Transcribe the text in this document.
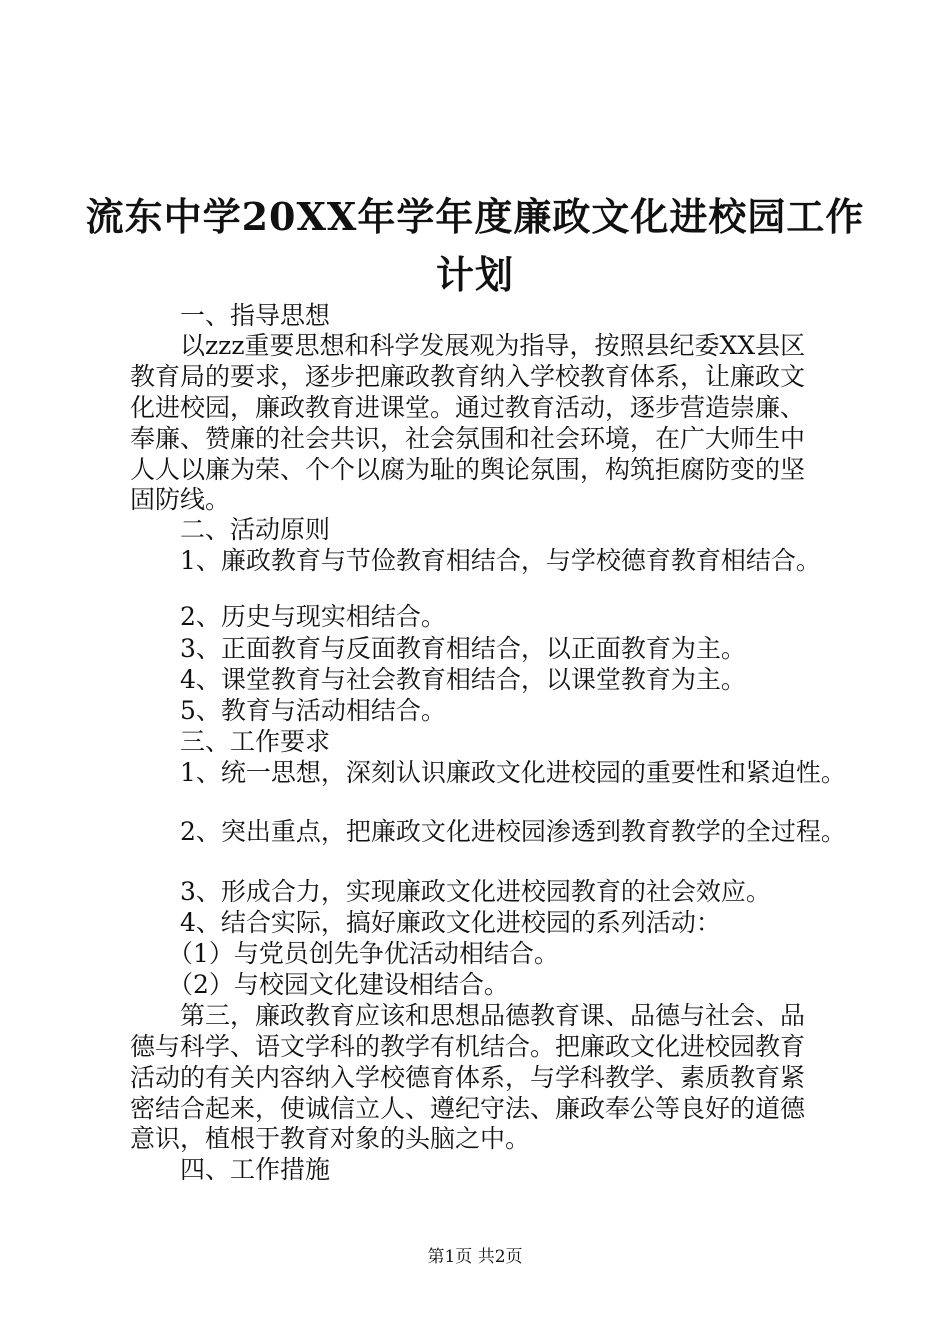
流东中学20XX年学年度廉政文化进校园工作
计划
一、指导思想
以zzz重要思想和科学发展观为指导，按照县纪委XX县区
教育局的要求，逐步把廉政教育纳入学校教育体系，让廉政文
化进校园，廉政教育进课堂。通过教育活动，逐步营造崇廉、
奉廉、赞廉的社会共识，社会氛围和社会环境，在广大师生中
人人以廉为荣、个个以腐为耻的舆论氛围，构筑拒腐防变的坚
固防线。
二、活动原则
1、廉政教育与节俭教育相结合，与学校德育教育相结合。
2、历史与现实相结合。
3、正面教育与反面教育相结合，以正面教育为主。
4、课堂教育与社会教育相结合，以课堂教育为主。
5、教育与活动相结合。
三、工作要求
1、统一思想，深刻认识廉政文化进校园的重要性和紧迫性。
2、突出重点，把廉政文化进校园渗透到教育教学的全过程。
3、形成合力，实现廉政文化进校园教育的社会效应。
4、结合实际，搞好廉政文化进校园的系列活动：
（1）与党员创先争优活动相结合。
（2）与校园文化建设相结合。
第三，廉政教育应该和思想品德教育课、品德与社会、品
德与科学、语文学科的教学有机结合。把廉政文化进校园教育
活动的有关内容纳入学校德育体系，与学科教学、素质教育紧
密结合起来，使诚信立人、遵纪守法、廉政奉公等良好的道德
意识，植根于教育对象的头脑之中。
四、工作措施
第1页 共2页
